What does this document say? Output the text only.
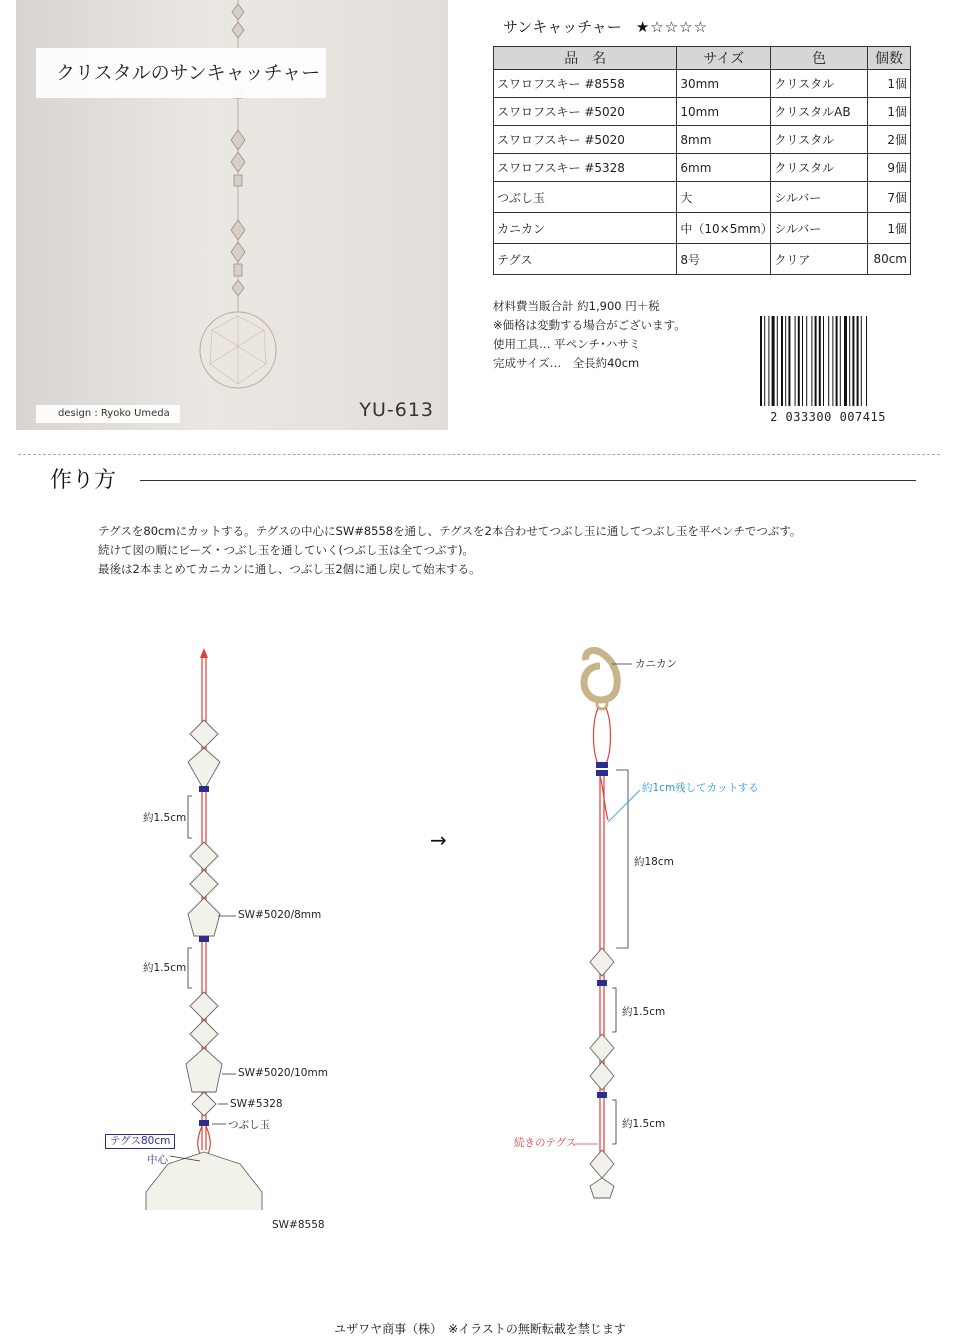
クリスタルのサンキャッチャー
design : Ryoko Umeda	YU-613
サンキャッチャー ★☆☆☆☆
品　名	サイズ	色	個数
スワロフスキー #8558	30mm	クリスタル	1個
スワロフスキー #5020	10mm	クリスタルAB	1個
スワロフスキー #5020	8mm	クリスタル	2個
スワロフスキー #5328	6mm	クリスタル	9個
つぶし玉	大	シルバー	7個
カニカン	中（10×5mm）	シルバー	1個
テグス	8号	クリア	80cm
材料費当販合計 約1,900 円＋税
※価格は変動する場合がございます。
使用工具… 平ペンチ･ハサミ
完成サイズ…　全長約40cm
2 033300 007415
作り方
テグスを80cmにカットする。テグスの中心にSW#8558を通し、テグスを2本合わせてつぶし玉に通してつぶし玉を平ペンチでつぶす。
続けて図の順にビーズ・つぶし玉を通していく(つぶし玉は全てつぶす)。
最後は2本まとめてカニカンに通し、つぶし玉2個に通し戻して始末する。
約1.5cm
約1.5cm
SW#5020/8mm
SW#5020/10mm
SW#5328
つぶし玉
テグス80cm
中心
SW#8558
→
カニカン
約1cm残してカットする
約18cm
約1.5cm
約1.5cm
続きのテグス
ユザワヤ商事（株）　※イラストの無断転載を禁じます
